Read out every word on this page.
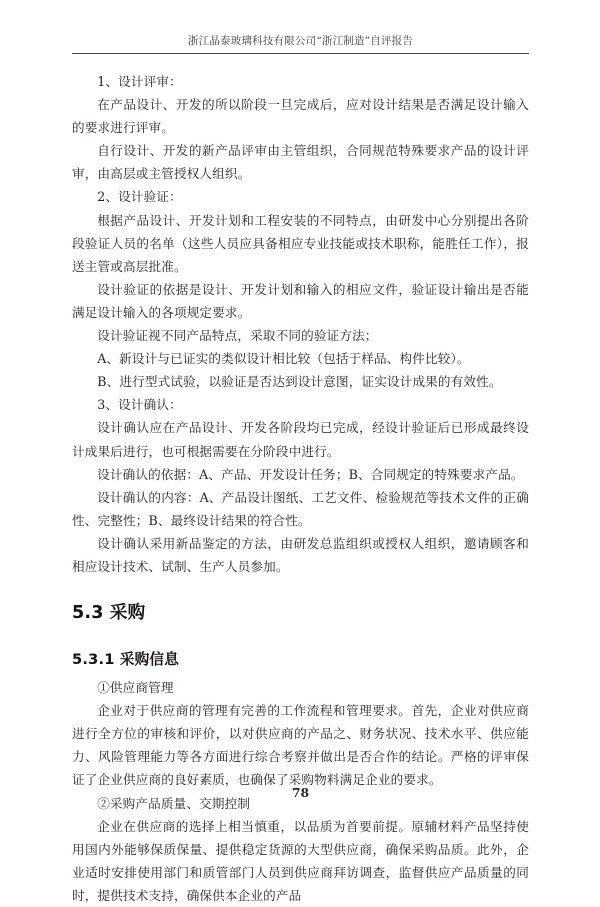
浙江晶泰玻璃科技有限公司“浙江制造”自评报告

1、设计评审：

在产品设计、开发的所以阶段一旦完成后，应对设计结果是否满足设计输入的要求进行评审。

自行设计、开发的新产品评审由主管组织，合同规范特殊要求产品的设计评审，由高层或主管授权人组织。

2、设计验证：

根据产品设计、开发计划和工程安装的不同特点，由研发中心分别提出各阶段验证人员的名单（这些人员应具备相应专业技能或技术职称，能胜任工作），报送主管或高层批准。

设计验证的依据是设计、开发计划和输入的相应文件，验证设计输出是否能满足设计输入的各项规定要求。

设计验证视不同产品特点，采取不同的验证方法；

A、新设计与已证实的类似设计相比较（包括于样品、构件比较）。

B、进行型式试验，以验证是否达到设计意图，证实设计成果的有效性。

3、设计确认：

设计确认应在产品设计、开发各阶段均已完成，经设计验证后已形成最终设计成果后进行，也可根据需要在分阶段中进行。

设计确认的依据：A、产品、开发设计任务；B、合同规定的特殊要求产品。

设计确认的内容：A、产品设计图纸、工艺文件、检验规范等技术文件的正确性、完整性；B、最终设计结果的符合性。

设计确认采用新品鉴定的方法，由研发总监组织或授权人组织，邀请顾客和相应设计技术、试制、生产人员参加。

5.3 采购
5.3.1 采购信息

①供应商管理

企业对于供应商的管理有完善的工作流程和管理要求。首先，企业对供应商进行全方位的审核和评价，以对供应商的产品之、财务状况、技术水平、供应能力、风险管理能力等各方面进行综合考察并做出是否合作的结论。严格的评审保证了企业供应商的良好素质，也确保了采购物料满足企业的要求。

②采购产品质量、交期控制

企业在供应商的选择上相当慎重，以品质为首要前提。原辅材料产品坚持使用国内外能够保质保量、提供稳定货源的大型供应商，确保采购品质。此外，企业适时安排使用部门和质管部门人员到供应商拜访调查，监督供应产品质量的同时，提供技术支持，确保供本企业的产品

78
